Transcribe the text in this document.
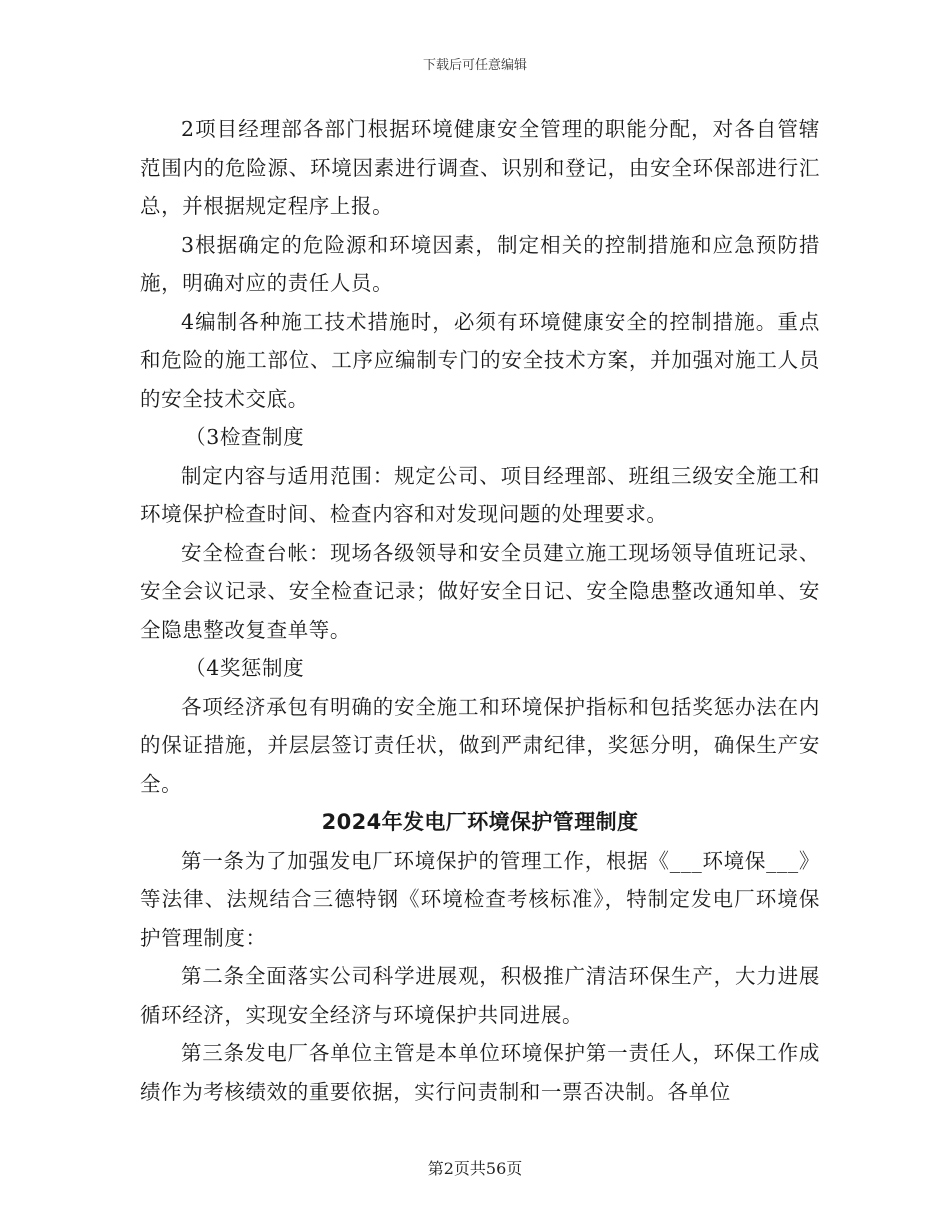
下载后可任意编辑

2项目经理部各部门根据环境健康安全管理的职能分配，对各自管辖范围内的危险源、环境因素进行调查、识别和登记，由安全环保部进行汇总，并根据规定程序上报。

3根据确定的危险源和环境因素，制定相关的控制措施和应急预防措施，明确对应的责任人员。

4编制各种施工技术措施时，必须有环境健康安全的控制措施。重点和危险的施工部位、工序应编制专门的安全技术方案，并加强对施工人员的安全技术交底。

（3检查制度

制定内容与适用范围：规定公司、项目经理部、班组三级安全施工和环境保护检查时间、检查内容和对发现问题的处理要求。

安全检查台帐：现场各级领导和安全员建立施工现场领导值班记录、安全会议记录、安全检查记录；做好安全日记、安全隐患整改通知单、安全隐患整改复查单等。

（4奖惩制度

各项经济承包有明确的安全施工和环境保护指标和包括奖惩办法在内的保证措施，并层层签订责任状，做到严肃纪律，奖惩分明，确保生产安全。

2024年发电厂环境保护管理制度

第一条为了加强发电厂环境保护的管理工作，根据《___环境保___》等法律、法规结合三德特钢《环境检查考核标准》，特制定发电厂环境保护管理制度：

第二条全面落实公司科学进展观，积极推广清洁环保生产，大力进展循环经济，实现安全经济与环境保护共同进展。

第三条发电厂各单位主管是本单位环境保护第一责任人，环保工作成绩作为考核绩效的重要依据，实行问责制和一票否决制。各单位

第2页共56页
